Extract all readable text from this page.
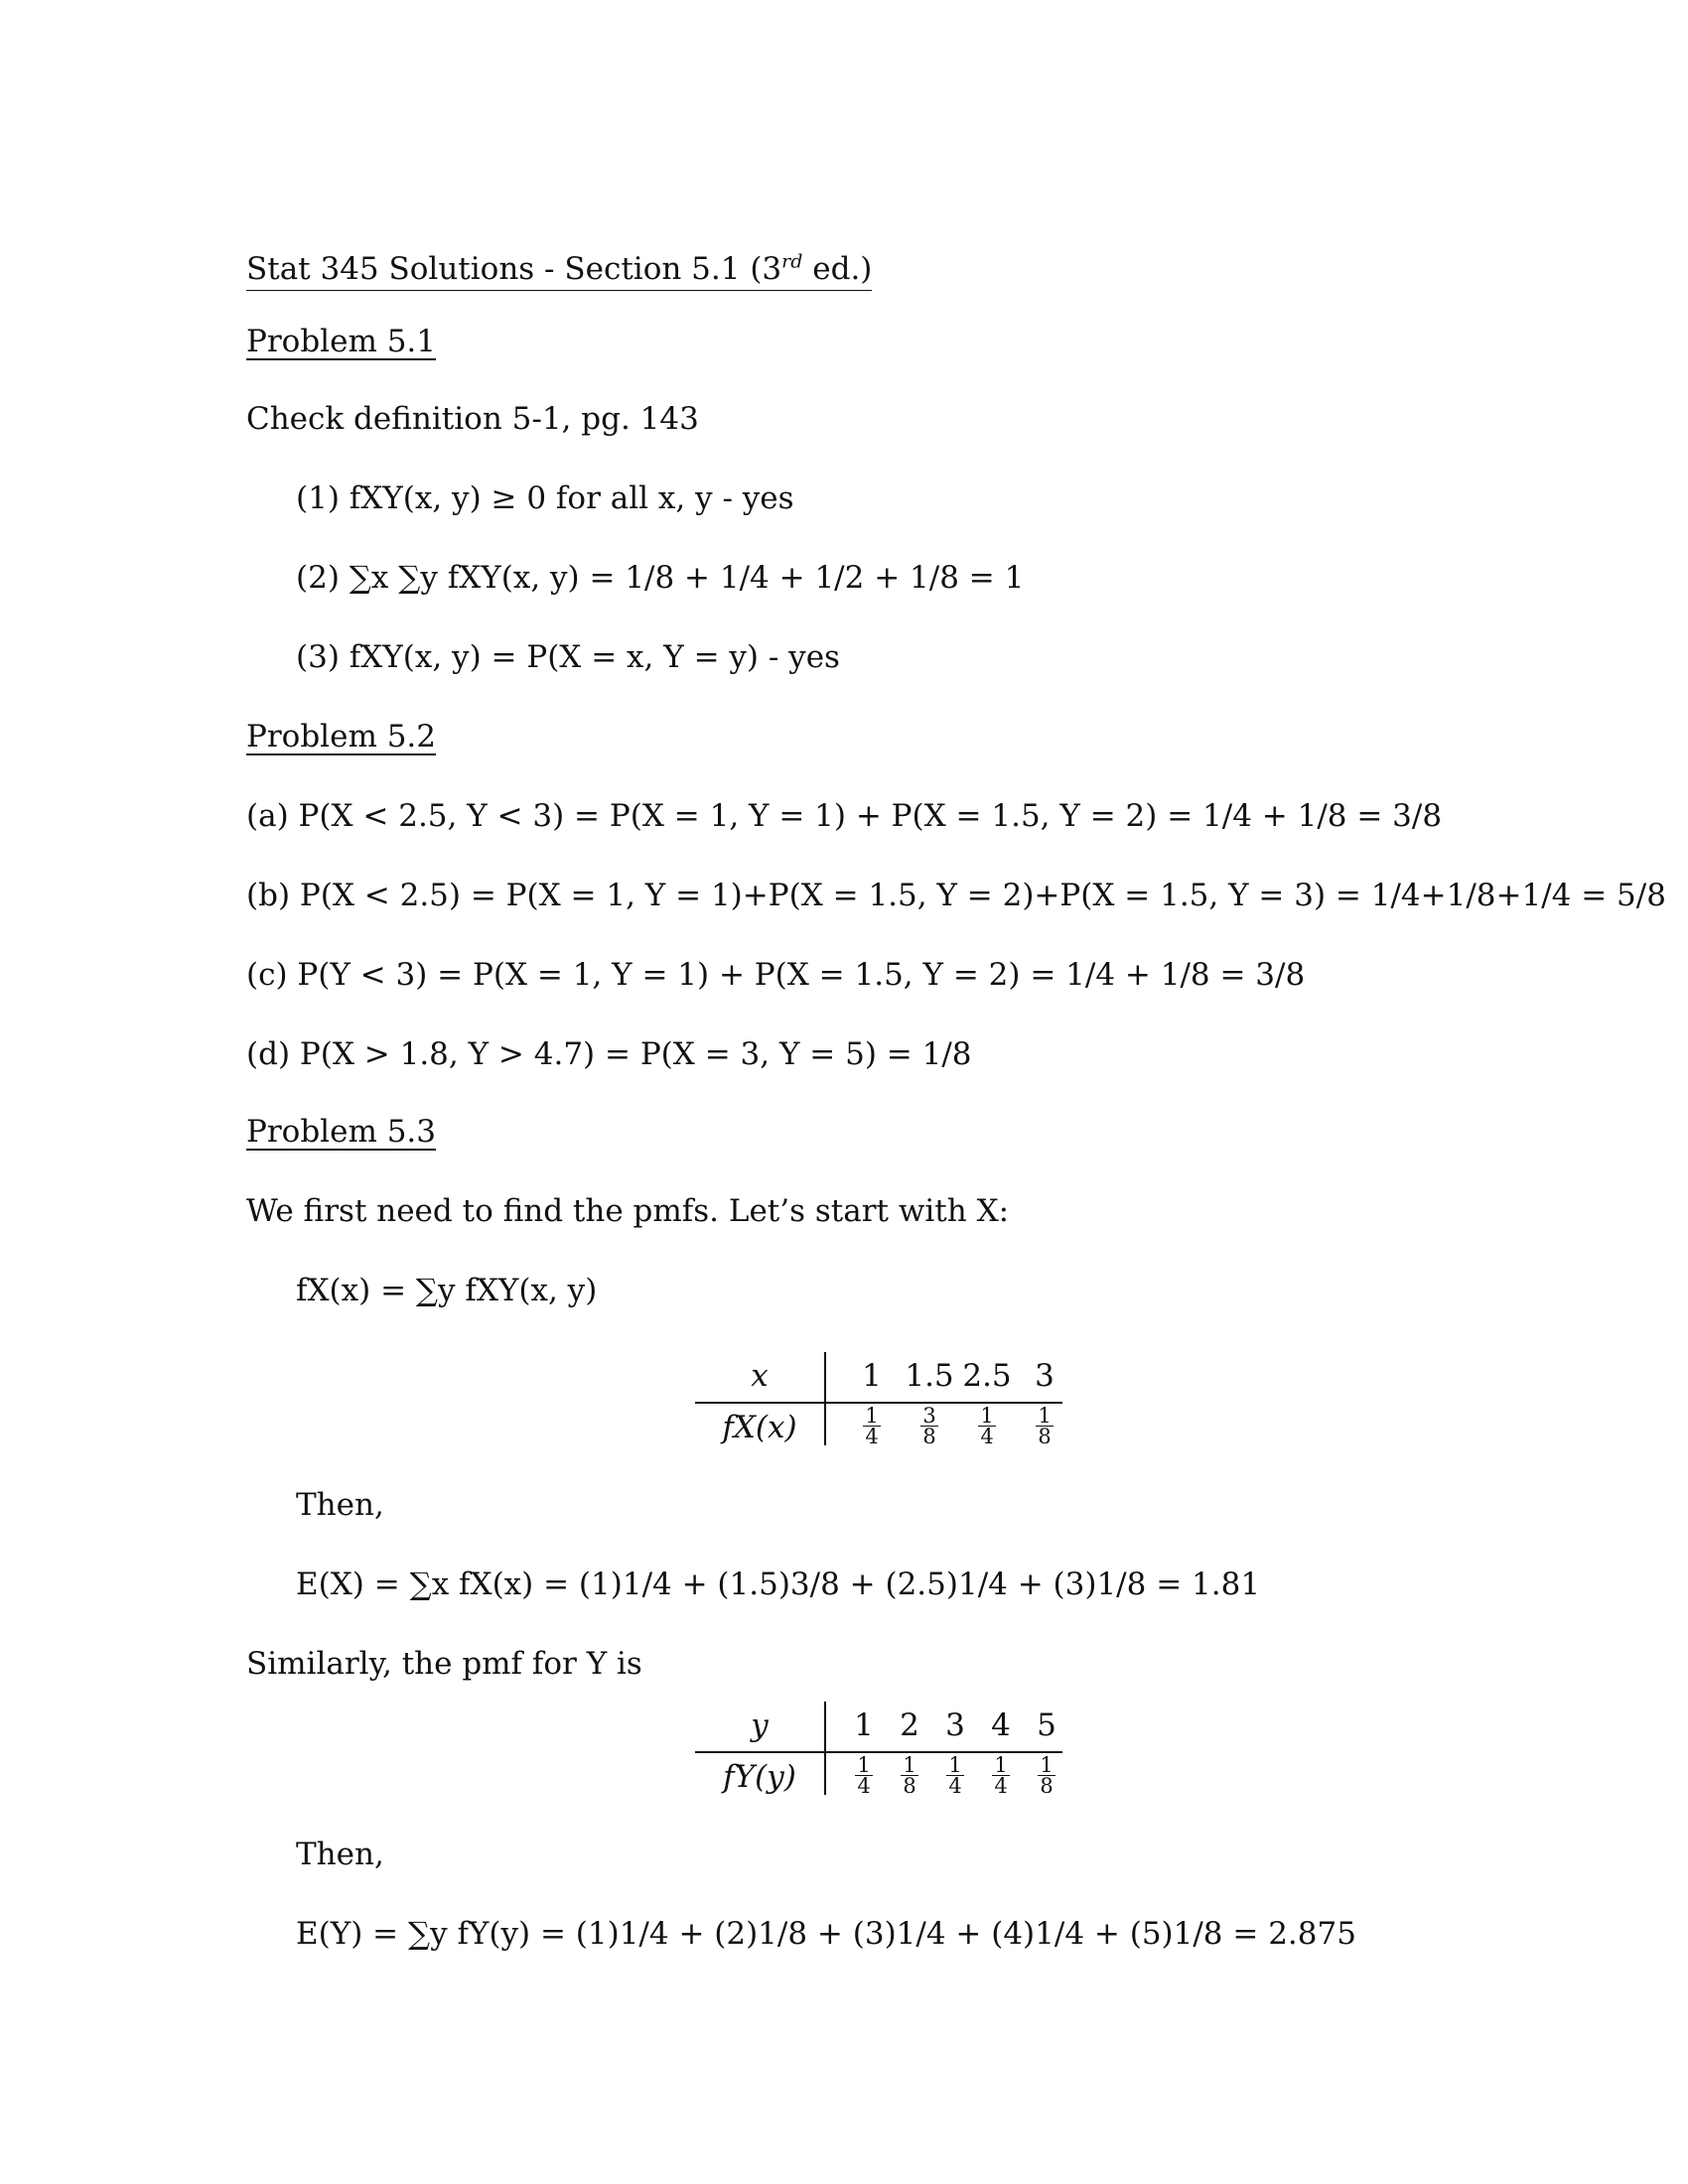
Stat 345 Solutions - Section 5.1 (3rd ed.)
Problem 5.1
Check definition 5-1, pg. 143
(1) fXY(x, y) ≥ 0 for all x, y - yes
(2) ∑x ∑y fXY(x, y) = 1/8 + 1/4 + 1/2 + 1/8 = 1
(3) fXY(x, y) = P(X = x, Y = y) - yes
Problem 5.2
(a) P(X < 2.5, Y < 3) = P(X = 1, Y = 1) + P(X = 1.5, Y = 2) = 1/4 + 1/8 = 3/8
(b) P(X < 2.5) = P(X = 1, Y = 1)+P(X = 1.5, Y = 2)+P(X = 1.5, Y = 3) = 1/4+1/8+1/4 = 5/8
(c) P(Y < 3) = P(X = 1, Y = 1) + P(X = 1.5, Y = 2) = 1/4 + 1/8 = 3/8
(d) P(X > 1.8, Y > 4.7) = P(X = 3, Y = 5) = 1/8
Problem 5.3
We first need to find the pmfs. Let’s start with X:
fX(x) = ∑y fXY(x, y)
x
fX(x)
1
$\frac{1}{4}$
1.5
$\frac{3}{8}$
2.5
$\frac{1}{4}$
3
$\frac{1}{8}$
Then,
E(X) = ∑x fX(x) = (1)1/4 + (1.5)3/8 + (2.5)1/4 + (3)1/8 = 1.81
Similarly, the pmf for Y is
y
fY(y)
1
$\frac{1}{4}$
2
$\frac{1}{8}$
3
$\frac{1}{4}$
4
$\frac{1}{4}$
5
$\frac{1}{8}$
Then,
E(Y) = ∑y fY(y) = (1)1/4 + (2)1/8 + (3)1/4 + (4)1/4 + (5)1/8 = 2.875
